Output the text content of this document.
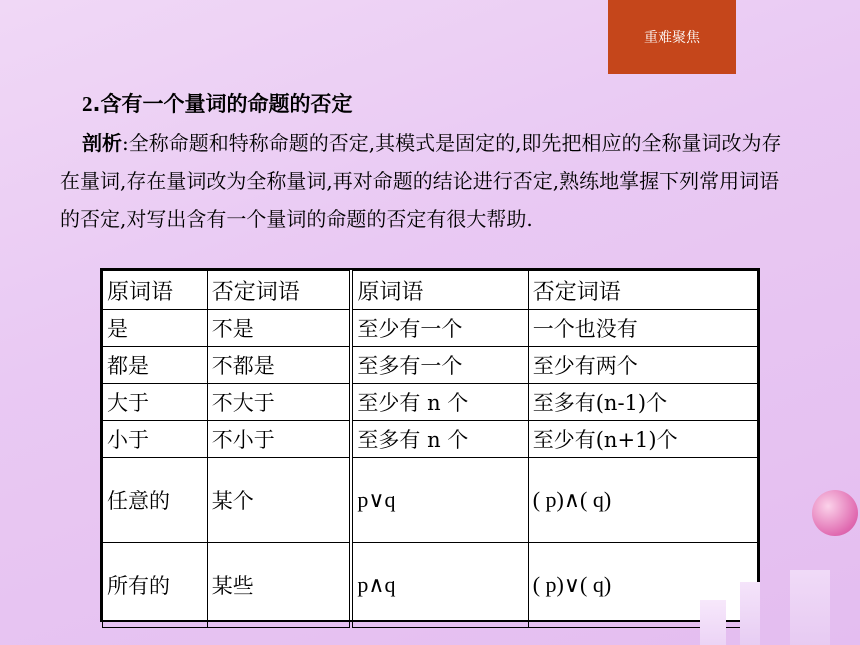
重难聚焦
2.含有一个量词的命题的否定
剖析:全称命题和特称命题的否定,其模式是固定的,即先把相应的全称量词改为存在量词,存在量词改为全称量词,再对命题的结论进行否定,熟练地掌握下列常用词语的否定,对写出含有一个量词的命题的否定有很大帮助.
原词语	否定词语	原词语	否定词语
是	不是	至少有一个	一个也没有
都是	不都是	至多有一个	至少有两个
大于	不大于	至少有 n 个	至多有(n-1)个
小于	不小于	至多有 n 个	至少有(n+1)个
任意的	某个	p∨q	( p)∧( q)
所有的	某些	p∧q	( p)∨( q)
